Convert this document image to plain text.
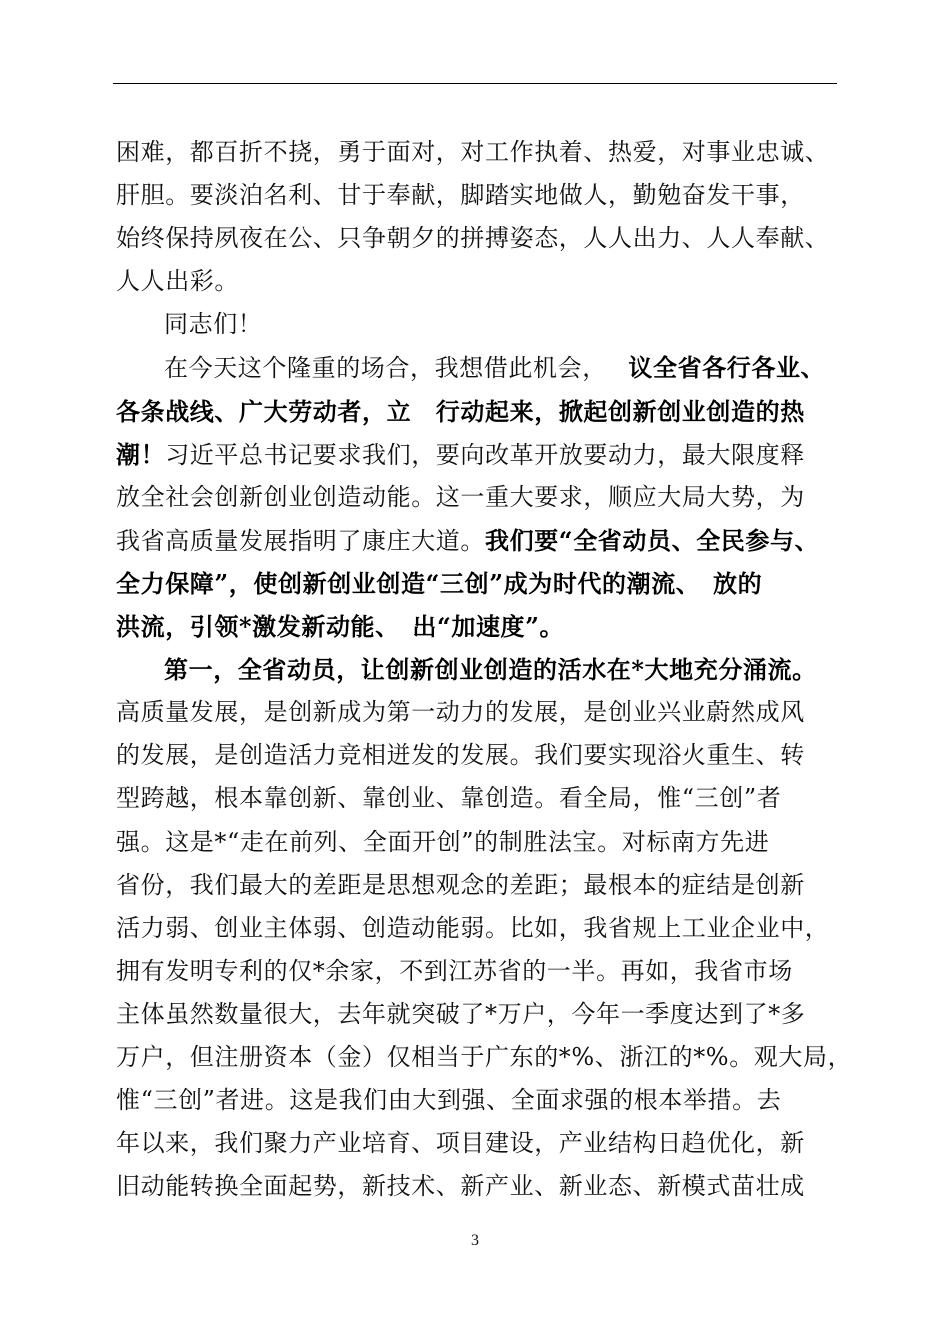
困难，都百折不挠，勇于面对，对工作执着、热爱，对事业忠诚、
肝胆。要淡泊名利、甘于奉献，脚踏实地做人，勤勉奋发干事，
始终保持夙夜在公、只争朝夕的拼搏姿态，人人出力、人人奉献、
人人出彩。
同志们！
在今天这个隆重的场合，我想借此机会，　 议全省各行各业、
各条战线、广大劳动者，立　行动起来，掀起创新创业创造的热
潮！习近平总书记要求我们，要向改革开放要动力，最大限度释
放全社会创新创业创造动能。这一重大要求，顺应大局大势，为
我省高质量发展指明了康庄大道。我们要“全省动员、全民参与、
全力保障”，使创新创业创造“三创”成为时代的潮流、　放的
洪流，引领*激发新动能、　出“加速度”。
第一，全省动员，让创新创业创造的活水在*大地充分涌流。
高质量发展，是创新成为第一动力的发展，是创业兴业蔚然成风
的发展，是创造活力竞相迸发的发展。我们要实现浴火重生、转
型跨越，根本靠创新、靠创业、靠创造。看全局，惟“三创”者
强。这是*“走在前列、全面开创”的制胜法宝。对标南方先进
省份，我们最大的差距是思想观念的差距；最根本的症结是创新
活力弱、创业主体弱、创造动能弱。比如，我省规上工业企业中，
拥有发明专利的仅*余家，不到江苏省的一半。再如，我省市场
主体虽然数量很大，去年就突破了*万户，今年一季度达到了*多
万户，但注册资本（金）仅相当于广东的*%、浙江的*%。观大局，
惟“三创”者进。这是我们由大到强、全面求强的根本举措。去
年以来，我们聚力产业培育、项目建设，产业结构日趋优化，新
旧动能转换全面起势，新技术、新产业、新业态、新模式苗壮成
3
